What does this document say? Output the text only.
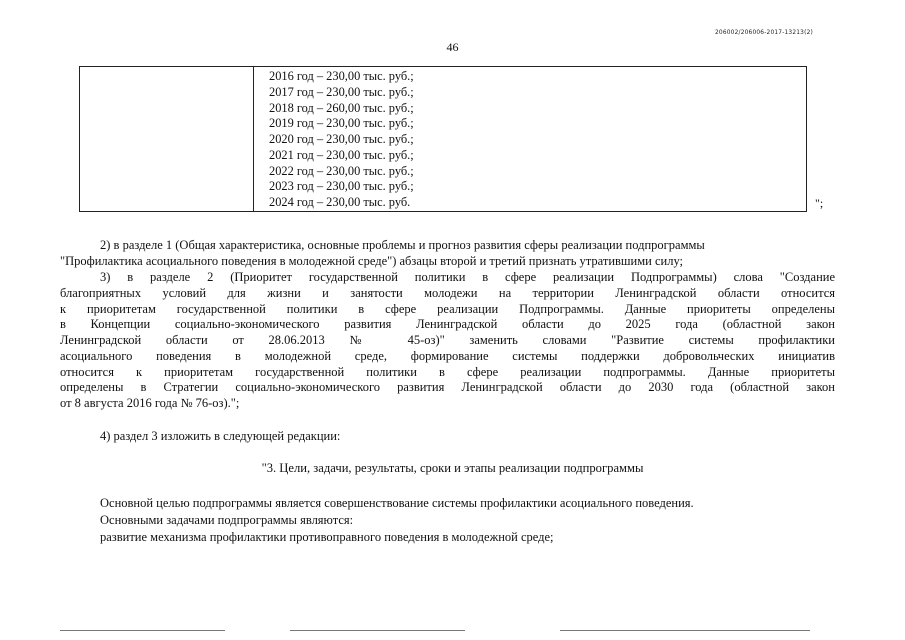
206002/206006-2017-13213(2)
46
2016 год – 230,00 тыс. руб.;
2017 год – 230,00 тыс. руб.;
2018 год – 260,00 тыс. руб.;
2019 год – 230,00 тыс. руб.;
2020 год – 230,00 тыс. руб.;
2021 год – 230,00 тыс. руб.;
2022 год – 230,00 тыс. руб.;
2023 год – 230,00 тыс. руб.;
2024 год – 230,00 тыс. руб.	";
2) в разделе 1 (Общая характеристика, основные проблемы и прогноз развития сферы реализации подпрограммы
"Профилактика асоциального поведения в молодежной среде") абзацы второй и третий признать утратившими силу;
3) в разделе 2 (Приоритет государственной политики в сфере реализации Подпрограммы) слова "Создание
благоприятных условий для жизни и занятости молодежи на территории Ленинградской области относится
к приоритетам государственной политики в сфере реализации Подпрограммы. Данные приоритеты определены
в Концепции социально-экономического развития Ленинградской области до 2025 года (областной закон
Ленинградской области от 28.06.2013 № 45-оз)" заменить словами "Развитие системы профилактики
асоциального поведения в молодежной среде, формирование системы поддержки добровольческих инициатив
относится к приоритетам государственной политики в сфере реализации подпрограммы. Данные приоритеты
определены в Стратегии социально-экономического развития Ленинградской области до 2030 года (областной закон
от 8 августа 2016 года № 76-оз).";
4) раздел 3 изложить в следующей редакции:
"3. Цели, задачи, результаты, сроки и этапы реализации подпрограммы
Основной целью подпрограммы является совершенствование системы профилактики асоциального поведения.
Основными задачами подпрограммы являются:
развитие механизма профилактики противоправного поведения в молодежной среде;
